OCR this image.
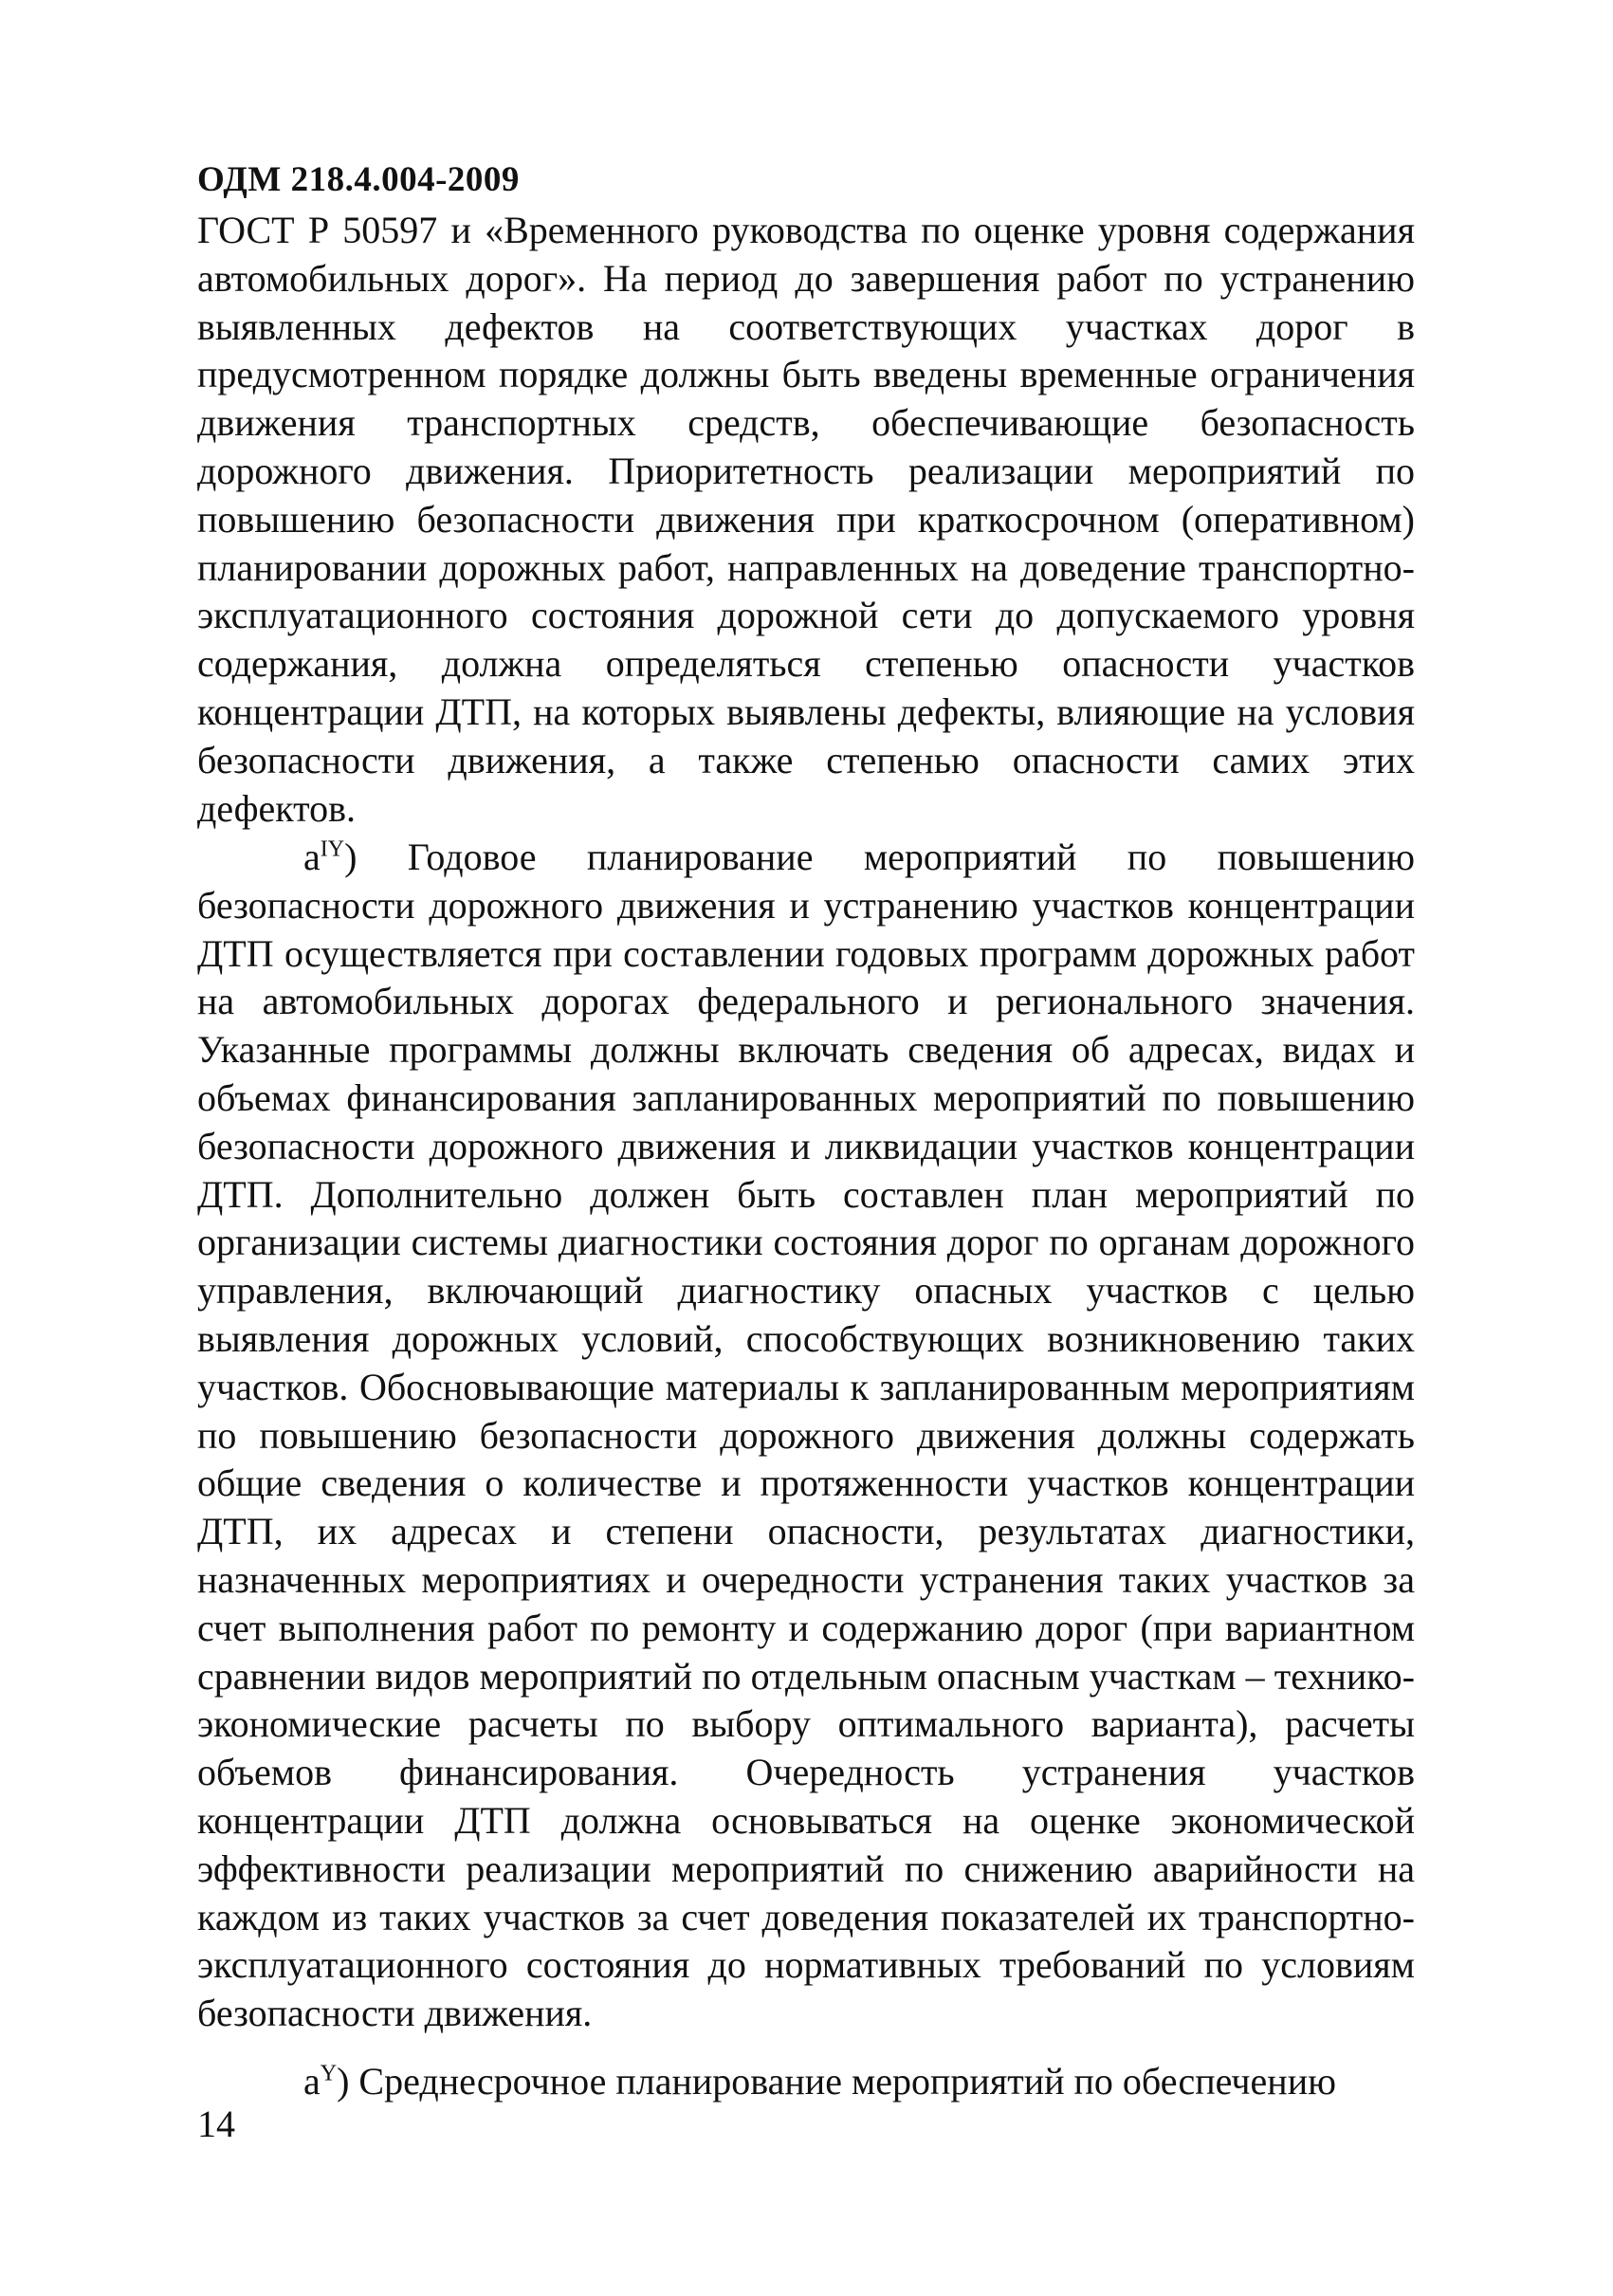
ОДМ 218.4.004-2009
ГОСТ Р 50597 и «Временного руководства по оценке уровня содержания автомобильных дорог». На период до завершения работ по устранению выявленных дефектов на соответствующих участках дорог в предусмотренном порядке должны быть введены временные ограничения движения транспортных средств, обеспечивающие безопасность дорожного движения. Приоритетность реализации мероприятий по повышению безопасности движения при краткосрочном (оперативном) планировании дорожных работ, направленных на доведение транспортно-эксплуатационного состояния дорожной сети до допускаемого уровня содержания, должна определяться степенью опасности участков концентрации ДТП, на которых выявлены дефекты, влияющие на условия безопасности движения, а также степенью опасности самих этих дефектов.
$a^{IY}$) Годовое планирование мероприятий по повышению безопасности дорожного движения и устранению участков концентрации ДТП осуществляется при составлении годовых программ дорожных работ на автомобильных дорогах федерального и регионального значения. Указанные программы должны включать сведения об адресах, видах и объемах финансирования запланированных мероприятий по повышению безопасности дорожного движения и ликвидации участков концентрации ДТП. Дополнительно должен быть составлен план мероприятий по организации системы диагностики состояния дорог по органам дорожного управления, включающий диагностику опасных участков с целью выявления дорожных условий, способствующих возникновению таких участков. Обосновывающие материалы к запланированным мероприятиям по повышению безопасности дорожного движения должны содержать общие сведения о количестве и протяженности участков концентрации ДТП, их адресах и степени опасности, результатах диагностики, назначенных мероприятиях и очередности устранения таких участков за счет выполнения работ по ремонту и содержанию дорог (при вариантном сравнении видов мероприятий по отдельным опасным участкам – технико-экономические расчеты по выбору оптимального варианта), расчеты объемов финансирования. Очередность устранения участков концентрации ДТП должна основываться на оценке экономической эффективности реализации мероприятий по снижению аварийности на каждом из таких участков за счет доведения показателей их транспортно-эксплуатационного состояния до нормативных требований по условиям безопасности движения.
$a^Y$) Среднесрочное планирование мероприятий по обеспечению
14
